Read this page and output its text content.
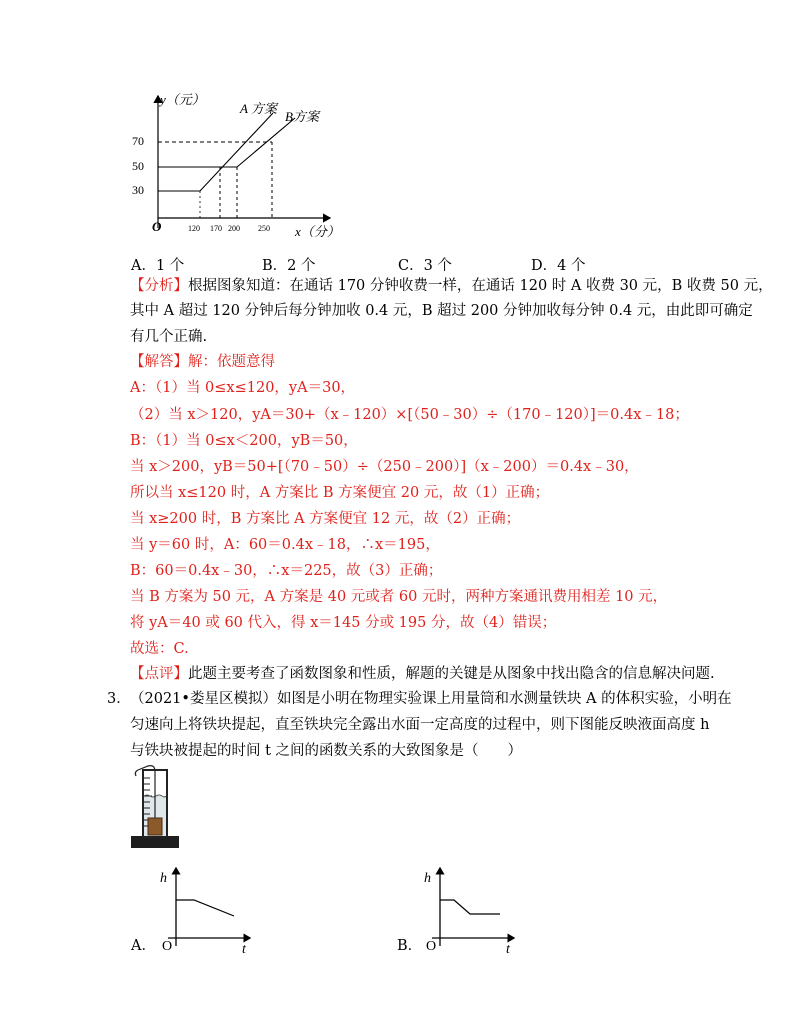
y（元）
x（分）
O
70
50
30
120 170 200 250
A 方案
B方案
A．1 个	B．2 个	C．3 个	D．4 个
【分析】根据图象知道：在通话 170 分钟收费一样，在通话 120 时 A 收费 30 元，B 收费 50 元，
其中 A 超过 120 分钟后每分钟加收 0.4 元，B 超过 200 分钟加收每分钟 0.4 元，由此即可确定
有几个正确.
【解答】解：依题意得
A：（1）当 0≤x≤120，yA＝30，
（2）当 x＞120，yA＝30+（x﹣120）×[（50﹣30）÷（170﹣120）]＝0.4x﹣18；
B：（1）当 0≤x＜200，yB＝50，
当 x＞200，yB＝50+[（70﹣50）÷（250﹣200）]（x﹣200）＝0.4x﹣30，
所以当 x≤120 时，A 方案比 B 方案便宜 20 元，故（1）正确；
当 x≥200 时，B 方案比 A 方案便宜 12 元，故（2）正确；
当 y＝60 时，A：60＝0.4x﹣18，∴x＝195，
B：60＝0.4x﹣30，∴x＝225，故（3）正确；
当 B 方案为 50 元，A 方案是 40 元或者 60 元时，两种方案通讯费用相差 10 元，
将 yA＝40 或 60 代入，得 x＝145 分或 195 分，故（4）错误；
故选：C.
【点评】此题主要考查了函数图象和性质，解题的关键是从图象中找出隐含的信息解决问题.
3． （2021•娄星区模拟）如图是小明在物理实验课上用量筒和水测量铁块 A 的体积实验，小明在
匀速向上将铁块提起，直至铁块完全露出水面一定高度的过程中，则下图能反映液面高度 h
与铁块被提起的时间 t 之间的函数关系的大致图象是（　　）
A．
h
t
O	B．
h
t
O
